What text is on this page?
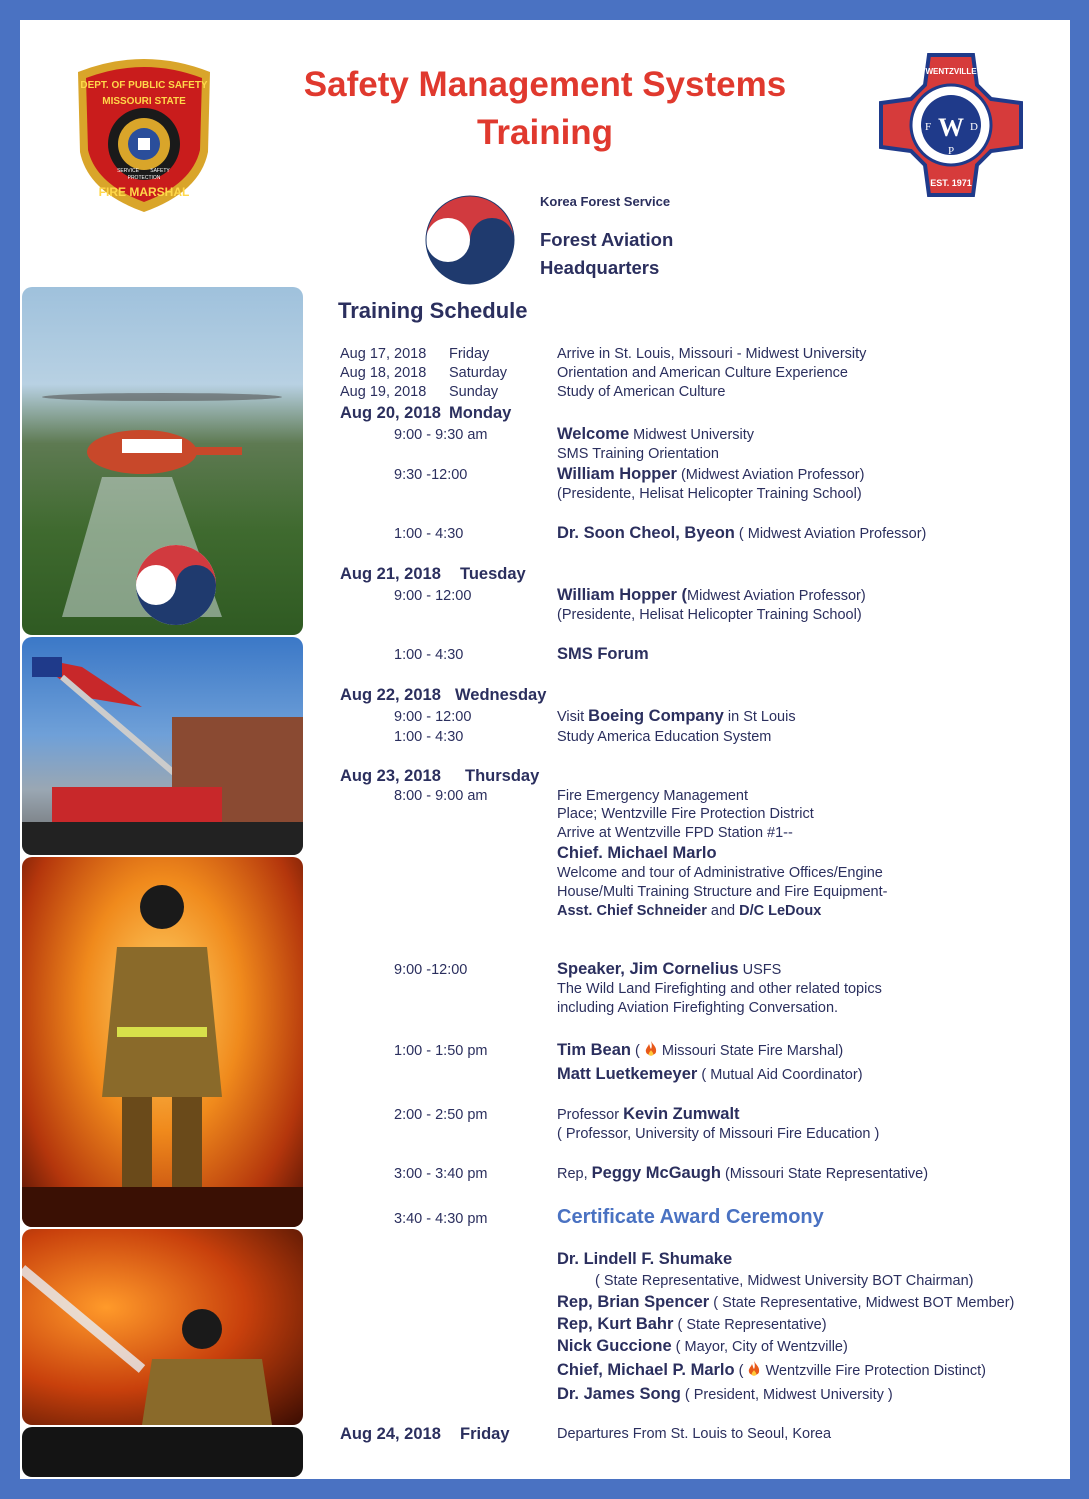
Safety Management Systems
Training
DEPT. OF PUBLIC SAFETY
MISSOURI STATE
SERVICE SAFETY
PROTECTION
FIRE MARSHAL
WENTZVILLE
EST. 1971
F W D
P
Korea Forest Service
Forest Aviation
Headquarters
Training Schedule
Aug 17, 2018 Friday	Arrive in St. Louis, Missouri - Midwest University
Aug 18, 2018 Saturday	Orientation and American Culture Experience
Aug 19, 2018 Sunday	Study of American Culture
Aug 20, 2018 Monday
9:00 - 9:30 am	Welcome Midwest University
SMS Training Orientation
9:30 -12:00	William Hopper (Midwest Aviation Professor)
(Presidente, Helisat Helicopter Training School)
1:00 - 4:30	Dr. Soon Cheol, Byeon ( Midwest Aviation Professor)
Aug 21, 2018 Tuesday
9:00 - 12:00	William Hopper (Midwest Aviation Professor)
(Presidente, Helisat Helicopter Training School)
1:00 - 4:30	SMS Forum
Aug 22, 2018 Wednesday
9:00 - 12:00	Visit Boeing Company in St Louis
1:00 - 4:30	Study America Education System
Aug 23, 2018 Thursday
8:00 - 9:00 am	Fire Emergency Management
Place; Wentzville Fire Protection District
Arrive at Wentzville FPD Station #1--
Chief. Michael Marlo
Welcome and tour of Administrative Offices/Engine
House/Multi Training Structure and Fire Equipment-
Asst. Chief Schneider and D/C LeDoux
9:00 -12:00	Speaker, Jim Cornelius USFS
The Wild Land Firefighting and other related topics
including Aviation Firefighting Conversation.
1:00 - 1:50 pm	Tim Bean (  Missouri State Fire Marshal)
Matt Luetkemeyer ( Mutual Aid Coordinator)
2:00 - 2:50 pm	Professor Kevin Zumwalt
( Professor, University of Missouri Fire Education )
3:00 - 3:40 pm	Rep, Peggy McGaugh (Missouri State Representative)
3:40 - 4:30 pm	Certificate Award Ceremony
Dr. Lindell F. Shumake
( State Representative, Midwest University BOT Chairman)
Rep, Brian Spencer ( State Representative, Midwest BOT Member)
Rep, Kurt Bahr ( State Representative)
Nick Guccione ( Mayor, City of Wentzville)
Chief, Michael P. Marlo (  Wentzville Fire Protection Distinct)
Dr. James Song ( President, Midwest University )
Aug 24, 2018 Friday	Departures From St. Louis to Seoul, Korea
